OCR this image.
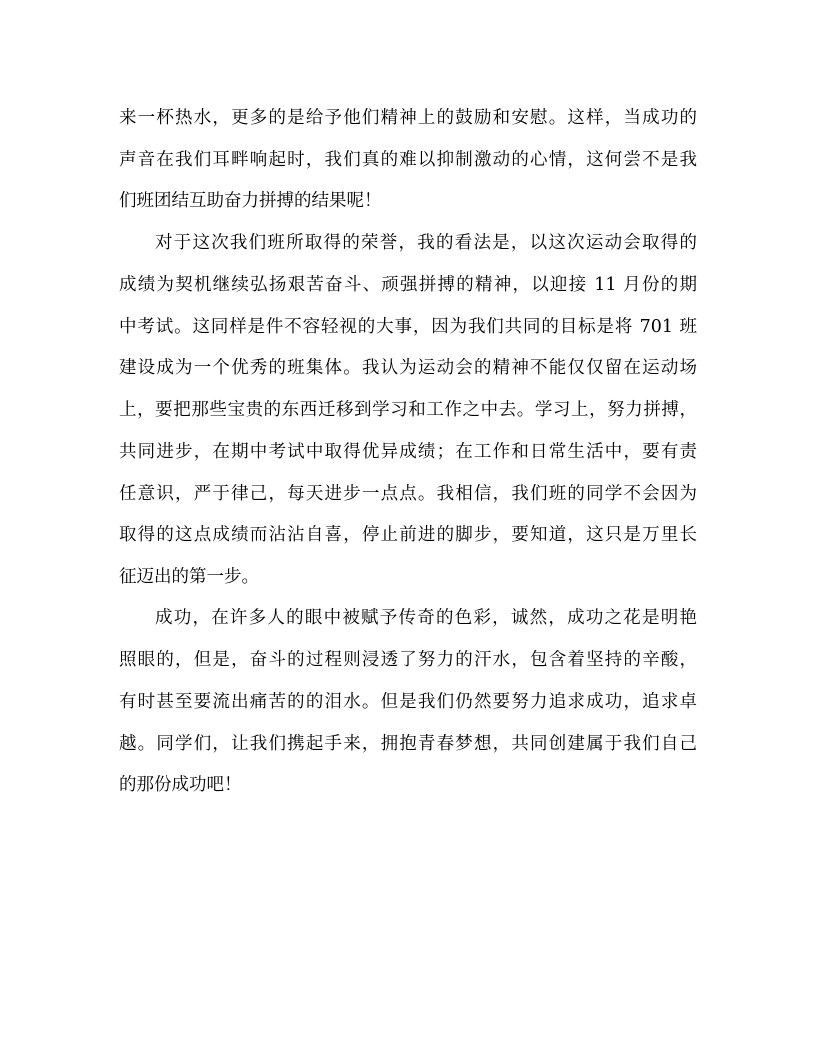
来一杯热水，更多的是给予他们精神上的鼓励和安慰。这样，当成功的
声音在我们耳畔响起时，我们真的难以抑制激动的心情，这何尝不是我
们班团结互助奋力拼搏的结果呢！
对于这次我们班所取得的荣誉，我的看法是，以这次运动会取得的
成绩为契机继续弘扬艰苦奋斗、顽强拼搏的精神，以迎接 11 月份的期
中考试。这同样是件不容轻视的大事，因为我们共同的目标是将 701 班
建设成为一个优秀的班集体。我认为运动会的精神不能仅仅留在运动场
上，要把那些宝贵的东西迁移到学习和工作之中去。学习上，努力拼搏，
共同进步，在期中考试中取得优异成绩；在工作和日常生活中，要有责
任意识，严于律己，每天进步一点点。我相信，我们班的同学不会因为
取得的这点成绩而沾沾自喜，停止前进的脚步，要知道，这只是万里长
征迈出的第一步。
成功，在许多人的眼中被赋予传奇的色彩，诚然，成功之花是明艳
照眼的，但是，奋斗的过程则浸透了努力的汗水，包含着坚持的辛酸，
有时甚至要流出痛苦的的泪水。但是我们仍然要努力追求成功，追求卓
越。同学们，让我们携起手来，拥抱青春梦想，共同创建属于我们自己
的那份成功吧！
